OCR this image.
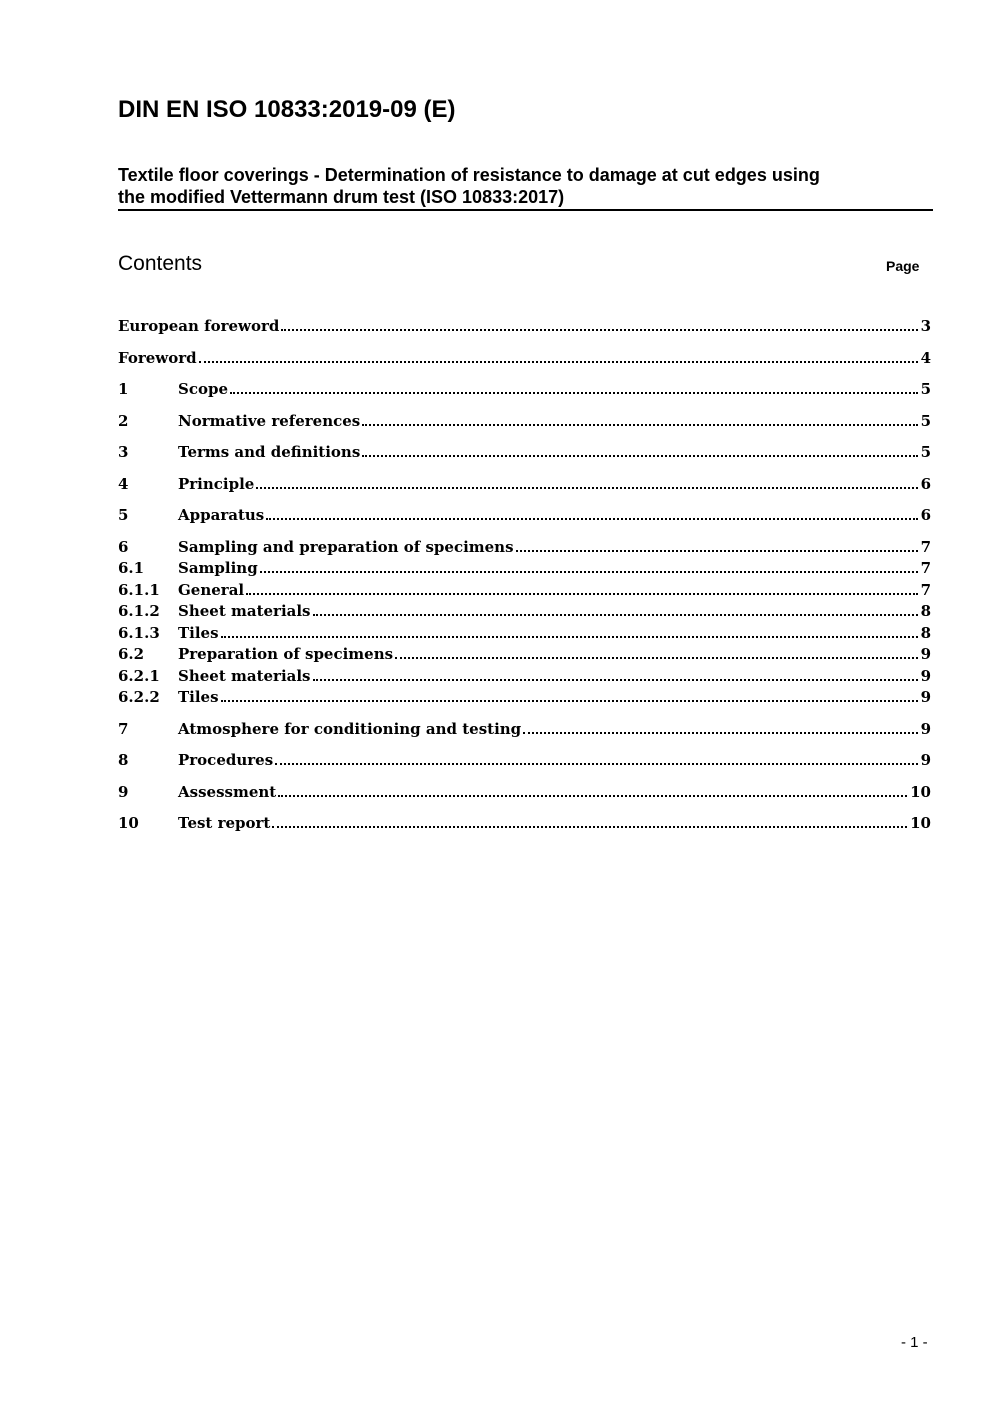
DIN EN ISO 10833:2019-09 (E)
Textile floor coverings - Determination of resistance to damage at cut edges using
the modified Vettermann drum test (ISO 10833:2017)
Contents	Page
European foreword	3
Foreword	4
1	Scope	5
2	Normative references	5
3	Terms and definitions	5
4	Principle	6
5	Apparatus	6
6	Sampling and preparation of specimens	7
6.1	Sampling	7
6.1.1	General	7
6.1.2	Sheet materials	8
6.1.3	Tiles	8
6.2	Preparation of specimens	9
6.2.1	Sheet materials	9
6.2.2	Tiles	9
7	Atmosphere for conditioning and testing	9
8	Procedures	9
9	Assessment	10
10	Test report	10
- 1 -
